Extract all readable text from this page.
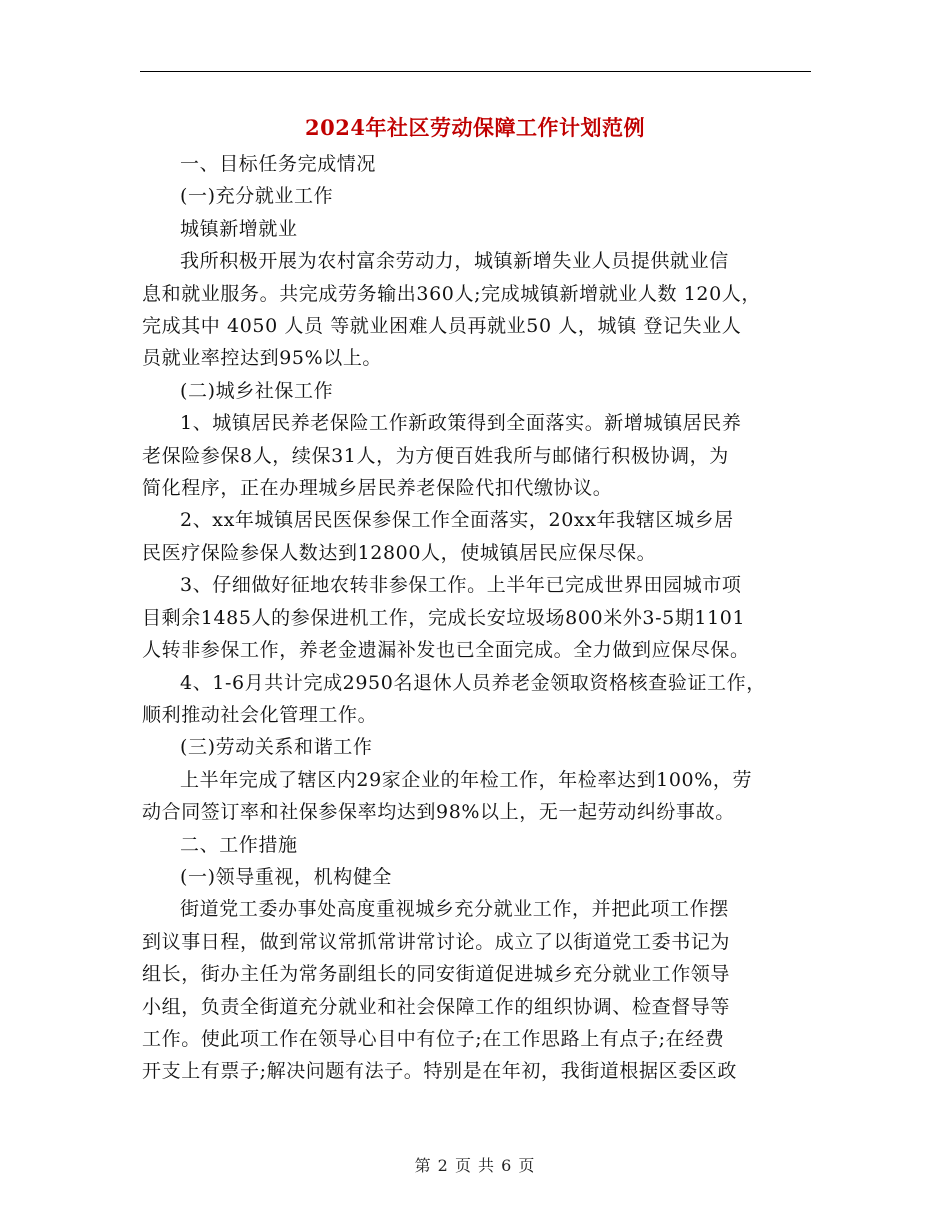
2024年社区劳动保障工作计划范例
一、目标任务完成情况
(一)充分就业工作
城镇新增就业
我所积极开展为农村富余劳动力，城镇新增失业人员提供就业信
息和就业服务。共完成劳务输出360人;完成城镇新增就业人数 120人，
完成其中 4050 人员 等就业困难人员再就业50 人，城镇 登记失业人
员就业率控达到95%以上。
(二)城乡社保工作
1、城镇居民养老保险工作新政策得到全面落实。新增城镇居民养
老保险参保8人，续保31人，为方便百姓我所与邮储行积极协调，为
简化程序，正在办理城乡居民养老保险代扣代缴协议。
2、xx年城镇居民医保参保工作全面落实，20xx年我辖区城乡居
民医疗保险参保人数达到12800人，使城镇居民应保尽保。
3、仔细做好征地农转非参保工作。上半年已完成世界田园城市项
目剩余1485人的参保进机工作，完成长安垃圾场800米外3-5期1101
人转非参保工作，养老金遗漏补发也已全面完成。全力做到应保尽保。
4、1-6月共计完成2950名退休人员养老金领取资格核查验证工作，
顺利推动社会化管理工作。
(三)劳动关系和谐工作
上半年完成了辖区内29家企业的年检工作，年检率达到100%，劳
动合同签订率和社保参保率均达到98%以上，无一起劳动纠纷事故。
二、工作措施
(一)领导重视，机构健全
街道党工委办事处高度重视城乡充分就业工作，并把此项工作摆
到议事日程，做到常议常抓常讲常讨论。成立了以街道党工委书记为
组长，街办主任为常务副组长的同安街道促进城乡充分就业工作领导
小组，负责全街道充分就业和社会保障工作的组织协调、检查督导等
工作。使此项工作在领导心目中有位子;在工作思路上有点子;在经费
开支上有票子;解决问题有法子。特别是在年初，我街道根据区委区政
第 2 页 共 6 页
